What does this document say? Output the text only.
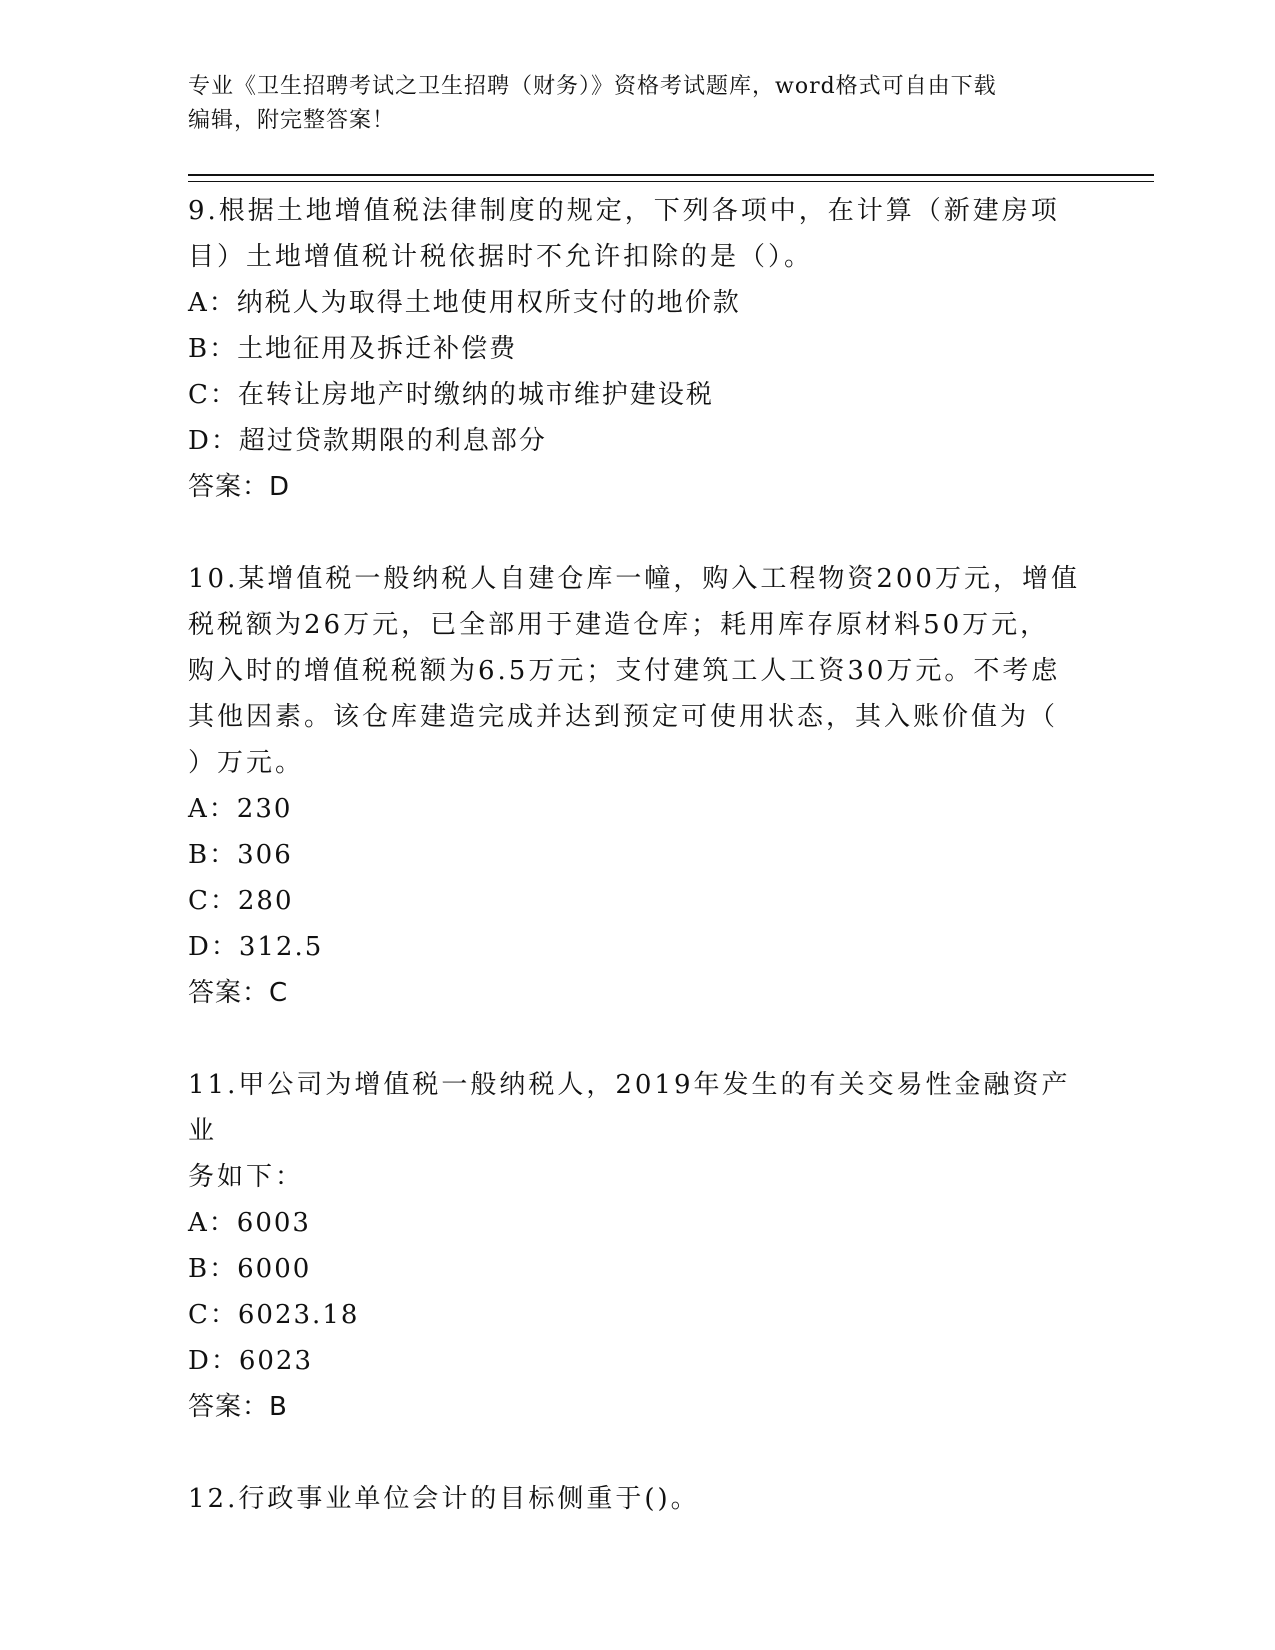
专业《卫生招聘考试之卫生招聘（财务）》资格考试题库，word格式可自由下载
编辑，附完整答案！
9.根据土地增值税法律制度的规定，下列各项中，在计算（新建房项
目）土地增值税计税依据时不允许扣除的是（）。
A：纳税人为取得土地使用权所支付的地价款
B：土地征用及拆迁补偿费
C：在转让房地产时缴纳的城市维护建设税
D：超过贷款期限的利息部分
答案：D
10.某增值税一般纳税人自建仓库一幢，购入工程物资200万元，增值
税税额为26万元，已全部用于建造仓库；耗用库存原材料50万元，
购入时的增值税税额为6.5万元；支付建筑工人工资30万元。不考虑
其他因素。该仓库建造完成并达到预定可使用状态，其入账价值为（
）万元。
A：230
B：306
C：280
D：312.5
答案：C
11.甲公司为增值税一般纳税人，2019年发生的有关交易性金融资产业
务如下：
A：6003
B：6000
C：6023.18
D：6023
答案：B
12.行政事业单位会计的目标侧重于()。
